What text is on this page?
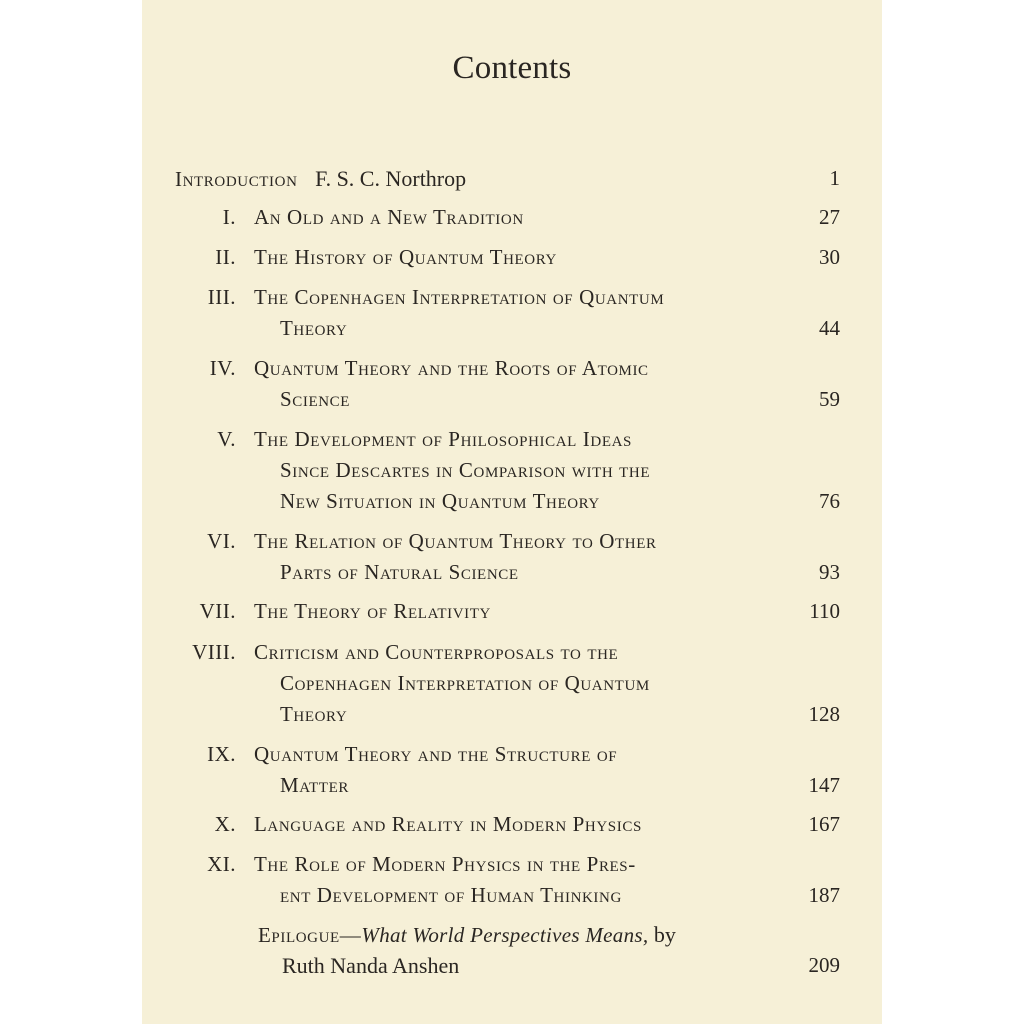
Contents
Introduction F. S. C. Northrop	1
I. An Old and a New Tradition	27
II. The History of Quantum Theory	30
III. The Copenhagen Interpretation of Quantum
Theory	44
IV. Quantum Theory and the Roots of Atomic
Science	59
V. The Development of Philosophical Ideas
Since Descartes in Comparison with the
New Situation in Quantum Theory	76
VI. The Relation of Quantum Theory to Other
Parts of Natural Science	93
VII. The Theory of Relativity	110
VIII. Criticism and Counterproposals to the
Copenhagen Interpretation of Quantum
Theory	128
IX. Quantum Theory and the Structure of
Matter	147
X. Language and Reality in Modern Physics	167
XI. The Role of Modern Physics in the Pres-
ent Development of Human Thinking	187
Epilogue—What World Perspectives Means, by
Ruth Nanda Anshen	209
